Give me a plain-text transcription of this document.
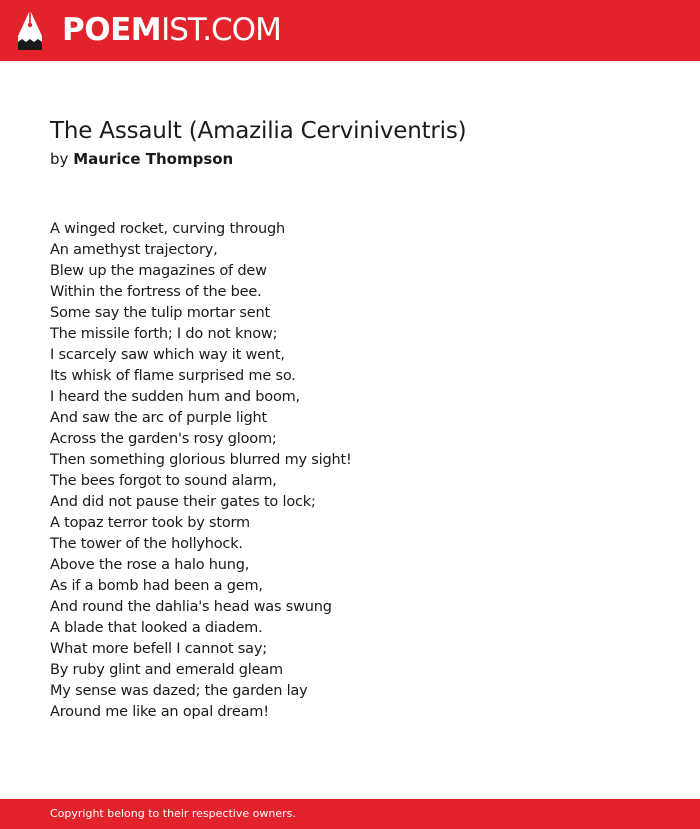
POEMIST.COM
The Assault (Amazilia Cerviniventris)
by Maurice Thompson
A winged rocket, curving through
An amethyst trajectory,
Blew up the magazines of dew
Within the fortress of the bee.
Some say the tulip mortar sent
The missile forth; I do not know;
I scarcely saw which way it went,
Its whisk of flame surprised me so.
I heard the sudden hum and boom,
And saw the arc of purple light
Across the garden's rosy gloom;
Then something glorious blurred my sight!
The bees forgot to sound alarm,
And did not pause their gates to lock;
A topaz terror took by storm
The tower of the hollyhock.
Above the rose a halo hung,
As if a bomb had been a gem,
And round the dahlia's head was swung
A blade that looked a diadem.
What more befell I cannot say;
By ruby glint and emerald gleam
My sense was dazed; the garden lay
Around me like an opal dream!
Copyright belong to their respective owners.
